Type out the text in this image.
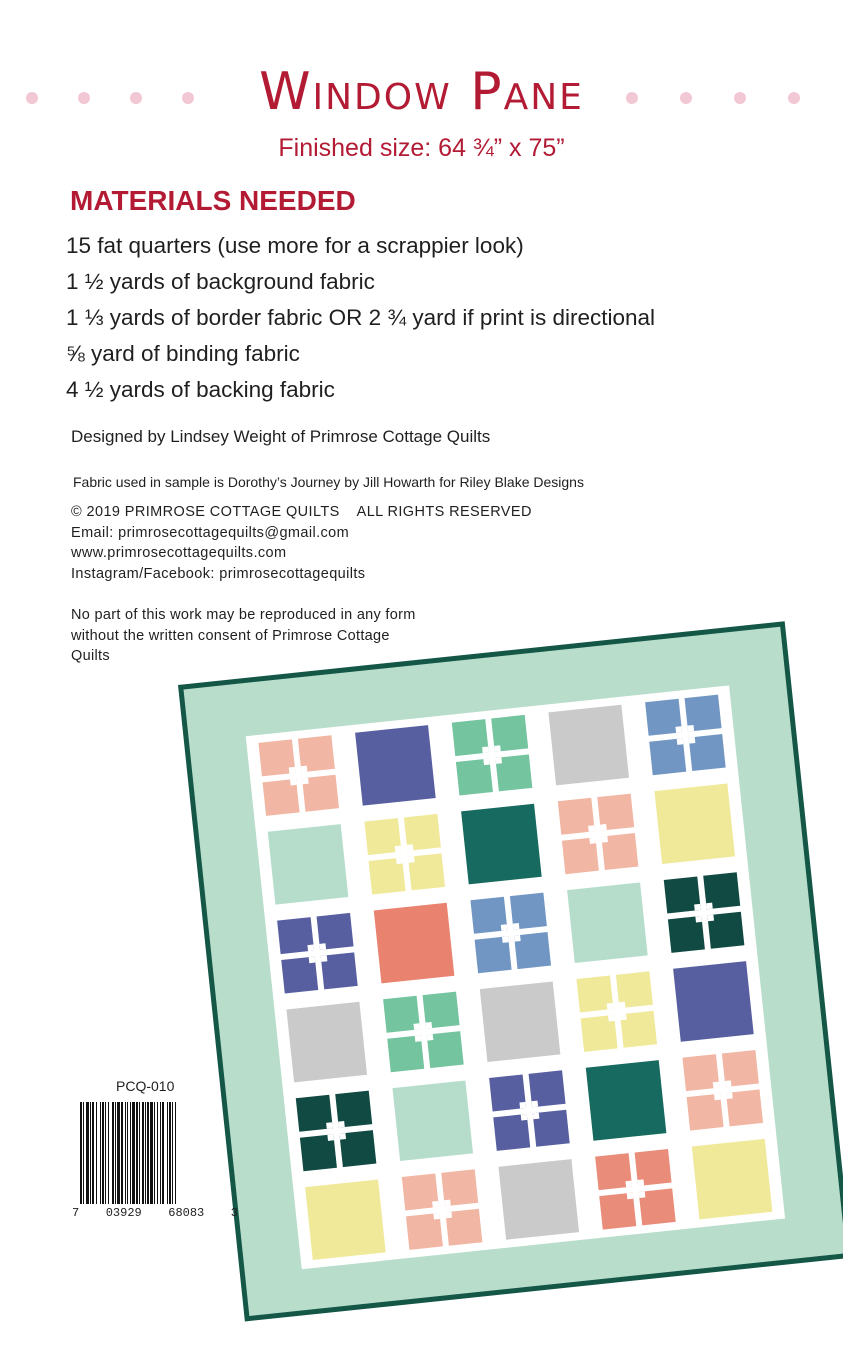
Window Pane

Finished size: 64 ¾” x 75”

MATERIALS NEEDED
15 fat quarters (use more for a scrappier look)
1 ½ yards of background fabric
1 ⅓ yards of border fabric OR 2 ¾ yard if print is directional
⅝ yard of binding fabric
4 ½ yards of backing fabric

Designed by Lindsey Weight of Primrose Cottage Quilts

Fabric used in sample is Dorothy’s Journey by Jill Howarth for Riley Blake Designs

© 2019 PRIMROSE COTTAGE QUILTS    ALL RIGHTS RESERVED
Email: primrosecottagequilts@gmail.com
www.primrosecottagequilts.com
Instagram/Facebook: primrosecottagequilts

No part of this work may be reproduced in any form without the written consent of Primrose Cottage Quilts

PCQ-010

7 03929 68083 3
